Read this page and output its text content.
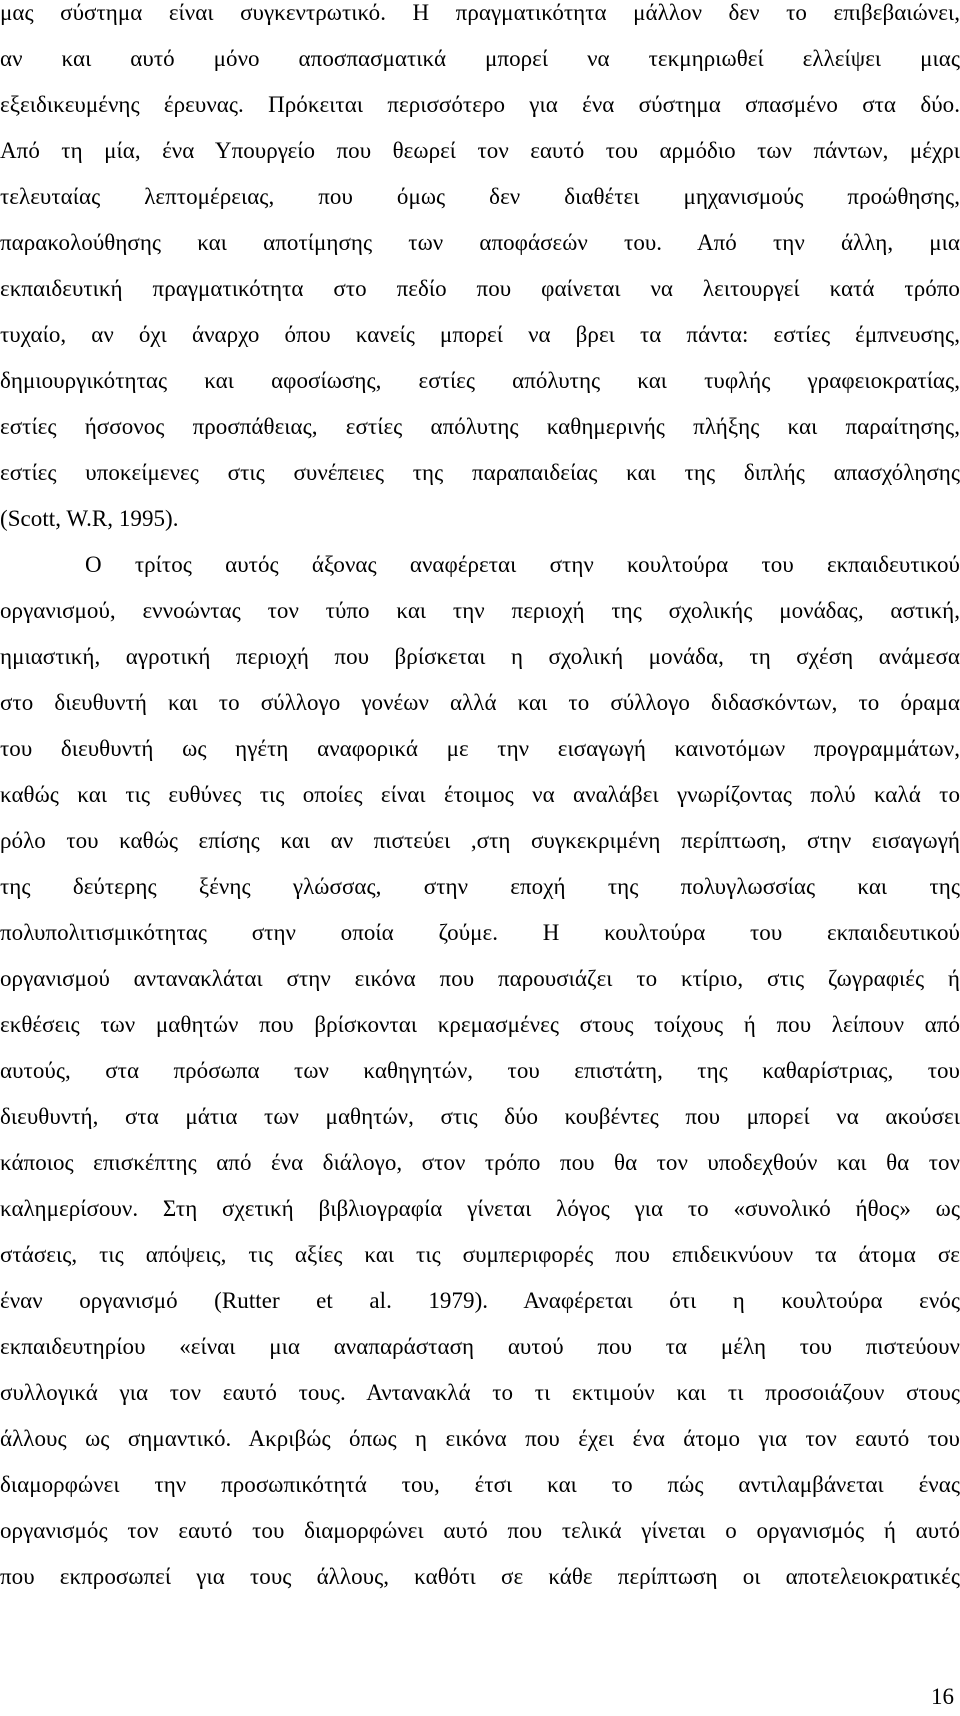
μας σύστημα είναι συγκεντρωτικό. Η πραγματικότητα μάλλον δεν το επιβεβαιώνει,
αν και αυτό μόνο αποσπασματικά μπορεί να τεκμηριωθεί ελλείψει μιας
εξειδικευμένης έρευνας. Πρόκειται περισσότερο για ένα σύστημα σπασμένο στα δύο.
Από τη μία, ένα Υπουργείο που θεωρεί τον εαυτό του αρμόδιο των πάντων, μέχρι
τελευταίας λεπτομέρειας, που όμως δεν διαθέτει μηχανισμούς προώθησης,
παρακολούθησης και αποτίμησης των αποφάσεών του. Από την άλλη, μια
εκπαιδευτική πραγματικότητα στο πεδίο που φαίνεται να λειτουργεί κατά τρόπο
τυχαίο, αν όχι άναρχο όπου κανείς μπορεί να βρει τα πάντα: εστίες έμπνευσης,
δημιουργικότητας και αφοσίωσης, εστίες απόλυτης και τυφλής γραφειοκρατίας,
εστίες ήσσονος προσπάθειας, εστίες απόλυτης καθημερινής πλήξης και παραίτησης,
εστίες υποκείμενες στις συνέπειες της παραπαιδείας και της διπλής απασχόλησης
(Scott, W.R, 1995).
Ο τρίτος αυτός άξονας αναφέρεται στην κουλτούρα του εκπαιδευτικού
οργανισμού, εννοώντας τον τύπο και την περιοχή της σχολικής μονάδας, αστική,
ημιαστική, αγροτική περιοχή που βρίσκεται η σχολική μονάδα, τη σχέση ανάμεσα
στο διευθυντή και το σύλλογο γονέων αλλά και το σύλλογο διδασκόντων, το όραμα
του διευθυντή ως ηγέτη αναφορικά με την εισαγωγή καινοτόμων προγραμμάτων,
καθώς και τις ευθύνες τις οποίες είναι έτοιμος να αναλάβει γνωρίζοντας πολύ καλά το
ρόλο του καθώς επίσης και αν πιστεύει ,στη συγκεκριμένη περίπτωση, στην εισαγωγή
της δεύτερης ξένης γλώσσας, στην εποχή της πολυγλωσσίας και της
πολυπολιτισμικότητας στην οποία ζούμε. Η κουλτούρα του εκπαιδευτικού
οργανισμού αντανακλάται στην εικόνα που παρουσιάζει το κτίριο, στις ζωγραφιές ή
εκθέσεις των μαθητών που βρίσκονται κρεμασμένες στους τοίχους ή που λείπουν από
αυτούς, στα πρόσωπα των καθηγητών, του επιστάτη, της καθαρίστριας, του
διευθυντή, στα μάτια των μαθητών, στις δύο κουβέντες που μπορεί να ακούσει
κάποιος επισκέπτης από ένα διάλογο, στον τρόπο που θα τον υποδεχθούν και θα τον
καλημερίσουν. Στη σχετική βιβλιογραφία γίνεται λόγος για το «συνολικό ήθος» ως
στάσεις, τις απόψεις, τις αξίες και τις συμπεριφορές που επιδεικνύουν τα άτομα σε
έναν οργανισμό (Rutter et al. 1979). Αναφέρεται ότι η κουλτούρα ενός
εκπαιδευτηρίου «είναι μια αναπαράσταση αυτού που τα μέλη του πιστεύουν
συλλογικά για τον εαυτό τους. Αντανακλά το τι εκτιμούν και τι προσοιάζουν στους
άλλους ως σημαντικό. Ακριβώς όπως η εικόνα που έχει ένα άτομο για τον εαυτό του
διαμορφώνει την προσωπικότητά του, έτσι και το πώς αντιλαμβάνεται ένας
οργανισμός τον εαυτό του διαμορφώνει αυτό που τελικά γίνεται ο οργανισμός ή αυτό
που εκπροσωπεί για τους άλλους, καθότι σε κάθε περίπτωση οι αποτελειοκρατικές
16
